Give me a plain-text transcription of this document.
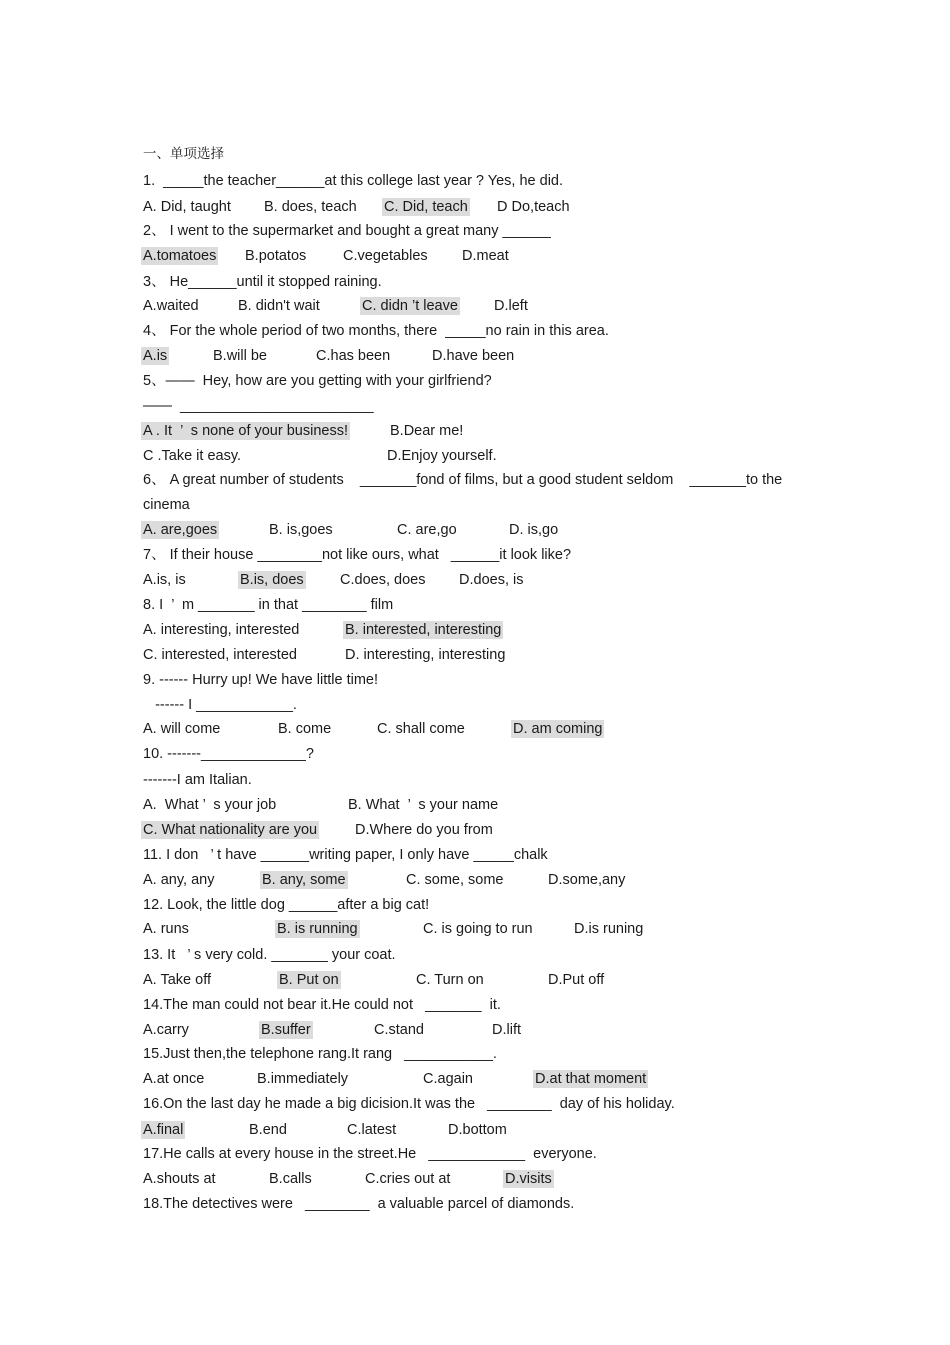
一、单项选择
1.  _____the teacher______at this college last year ? Yes, he did.
A. Did, taught B. does, teach C. Did, teach D Do,teach
2、 I went to the supermarket and bought a great many ______
A.tomatoes B.potatos	C.vegetables D.meat
3、 He______until it stopped raining.
A.waited	B. didn't wait	C. didn ’t leave D.left
4、 For the whole period of two months, there  _____no rain in this area.
A.is	B.will be	C.has been	D.have been
5、——  Hey, how are you getting with your girlfriend?
——  ________________________
A . It  ’  s none of your business!	B.Dear me!
C .Take it easy.	D.Enjoy yourself.
6、 A great number of students    _______fond of films, but a good student seldom    _______to the
cinema
A. are,goes	B. is,goes	C. are,go	D. is,go
7、 If their house ________not like ours, what   ______it look like?
A.is, is	B.is, does	C.does, does D.does, is
8. I  ’  m _______ in that ________ film
A. interesting, interested	B. interested, interesting
C. interested, interested	D. interesting, interesting
9. ------ Hurry up! We have little time!
------ I ____________.
A. will come	B. come	C. shall come	D. am coming
10. -------_____________?
-------I am Italian.
A.  What ’  s your job	B. What  ’  s your name
C. What nationality are you	D.Where do you from
11. I don   ’ t have ______writing paper, I only have _____chalk
A. any, any	B. any, some	C. some, some	D.some,any
12. Look, the little dog ______after a big cat!
A. runs	B. is running	C. is going to run	D.is runing
13. It   ’ s very cold. _______ your coat.
A. Take off	B. Put on	C. Turn on	D.Put off
14.The man could not bear it.He could not   _______  it.
A.carry	B.suffer	C.stand	D.lift
15.Just then,the telephone rang.It rang   ___________.
A.at once	B.immediately	C.again	D.at that moment
16.On the last day he made a big dicision.It was the   ________  day of his holiday.
A.final	B.end	C.latest	D.bottom
17.He calls at every house in the street.He   ____________  everyone.
A.shouts at	B.calls	C.cries out at	D.visits
18.The detectives were   ________  a valuable parcel of diamonds.
